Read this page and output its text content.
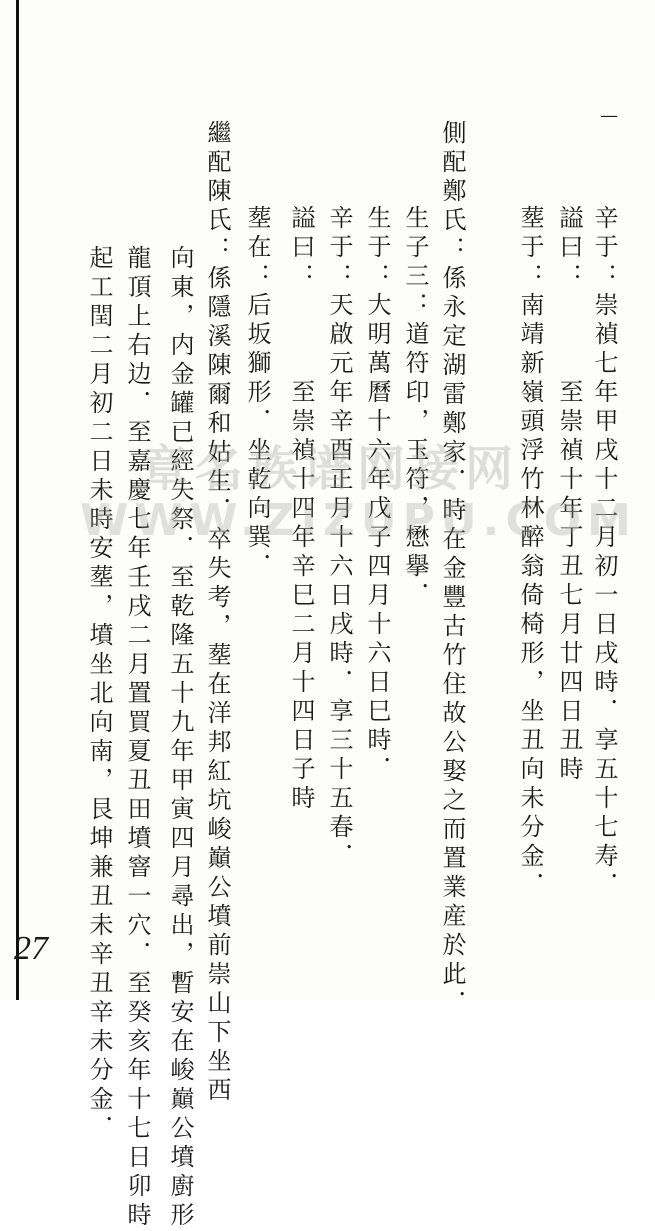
—
辛于：崇禎七年甲戌十二月初一日戌時．享五十七寿．
謚曰：　　　至崇禎十年丁丑七月廿四日丑時
塟于：南靖新嶺頭浮竹林醉翁倚椅形，坐丑向未分金．
側配鄭氏：係永定湖雷鄭家．時在金豐古竹住故公娶之而置業産於此．
生子三：道符印，玉符，懋擧．
生于：大明萬曆十六年戊子四月十六日巳時．
辛于：天啟元年辛酉正月十六日戌時．享三十五春．
謚曰：　　　至崇禎十四年辛巳二月十四日子時
塟在：后坂獅形．坐乾向巽．
繼配陳氏：係隱溪陳爾和姑生．卒失考，塟在洋邦紅坑峻巔公墳前崇山下坐西
向東，内金罐已經失祭．至乾隆五十九年甲寅四月尋出，暫安在峻巔公墳廚形
龍頂上右边．至嘉慶七年壬戌二月置買夏丑田墳窨一穴．至癸亥年十七日卯時
起工閏二月初二日未時安塟，墳坐北向南，艮坤兼丑未辛丑辛未分金． 章名族谱网接网
WWW.ZIZUPU.COM
27
